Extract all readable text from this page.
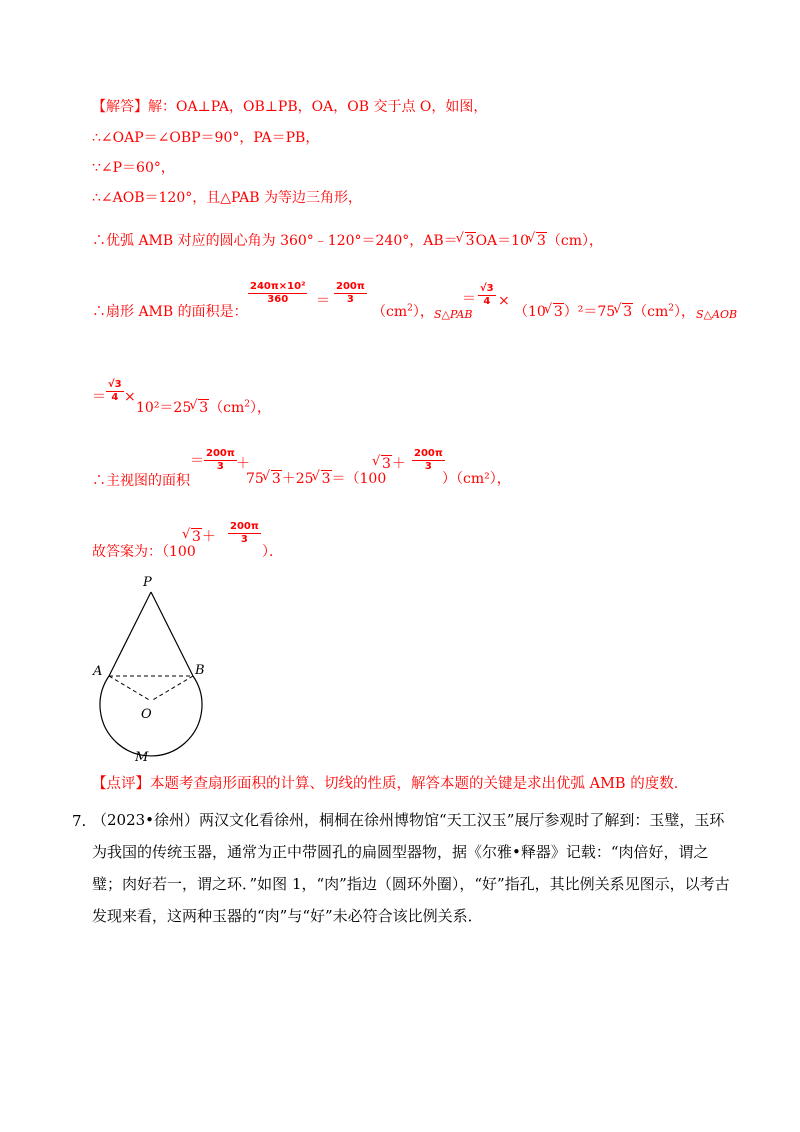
【解答】解：OA⊥PA，OB⊥PB，OA，OB 交于点 O，如图，
∴∠OAP＝∠OBP＝90°，PA＝PB，
∵∠P＝60°，
∴∠AOB＝120°，且△PAB 为等边三角形，
∴优弧 AMB 对应的圆心角为 360°﹣120°＝240°，AB＝ √ 3OA＝10 √ 3（cm），
∴扇形 AMB 的面积是：
$\frac{\text{240π×10²}}{360} = \frac{200\pi}{3}$
$(cm^2)$， S△PAB
＝ $\frac{√3}{4}$ ×
（10 √ 3）²＝75 √ $3(cm^2)$， S△AOB
＝ $\frac{√3}{4}$ ×
10²＝25 √ $3(cm^2)$，
∴主视图的面积
＝ $\frac{200\pi}{3}$ ＋
75 √ 3＋25 √ 3＝（100
√ $3+ \frac{200\pi}{3}$
）（cm²），
故答案为：（100
√ $3+ \frac{200\pi}{3}$
）．
P
A	B
O
M
【点评】本题考查扇形面积的计算、切线的性质，解答本题的关键是求出优弧 AMB 的度数．
7. （2023•徐州）两汉文化看徐州，桐桐在徐州博物馆“天工汉玉”展厅参观时了解到：玉璧，玉环为我国的传统玉器，通常为正中带圆孔的扁圆型器物，据《尔雅•释器》记载：“肉倍好，谓之璧；肉好若一，谓之环．”如图 1，“肉”指边（圆环外圈），“好”指孔，其比例关系见图示，以考古发现来看，这两种玉器的“肉”与“好”未必符合该比例关系．
